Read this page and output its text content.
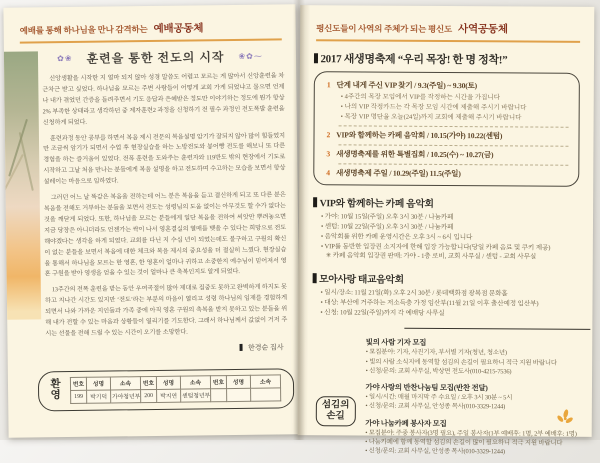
예배를 통해 하나님을 만나 감격하는 예배공동체
✿❀ 훈련을 통한 전도의 시작 ❀✿⁓

신앙생활을 시작한 지 얼마 되지 않아 성경 말씀도 어렵고 모르는 게 많아서 신앙훈련을 차근차근 받고 싶었다. 하나님을 모르는 주변 사람들이 어떻게 교회 가게 되었냐고 물으면 언제나 내가 겪었던 간증을 들려주면서 기도 응답과 은혜받은 정도만 이야기하는 정도에 뭔가 항상 2% 부족한 상태라고 생각하던 중 제자훈련2 과정을 신청하기 전 필수 과정인 전도폭발 훈련을 신청하게 되었다.

훈련과정 동안 공부를 하면서 복음 제시 전문의 복음설명 암기가 잘되지 않아 많이 힘들었지만 조금씩 암기가 되면서 수업 후 현장실습을 하는 노방전도와 붕어빵 전도를 해보니 또 다른 경험을 하는 즐거움이 있었다. 전폭 훈련을 도와주는 훈련자와 119반도 밖의 현장에서 기도로 시작하고 그날 처음 만나는 분들에게 복음 설명을 하고 전도하며 수고하는 모습을 보면서 항상 설레이는 마음으로 임하였다.

그러던 어느 날 똑같은 복음을 전하는데 어느 분은 복음을 듣고 결신하게 되고 또 다른 분은 복음을 전해도 거부하는 분들을 보면서 전도는 성령님의 도움 없이는 아무것도 할 수가 없다는 것을 깨닫게 되었다. 또한, 하나님을 모르는 분들에게 일단 복음을 전하여 씨앗만 뿌려놓으면 지금 당장은 아니더라도 언젠가는 싹이 나서 영혼결실의 열매를 맺을 수 있다는 희망으로 전도해야겠다는 생각을 하게 되었다. 교회를 다닌 지 수십 년이 되었는데도 불구하고 구원의 확신이 없는 분들을 보면서 복음에 대한 체크와 복음 제시의 중요성을 더 절실히 느꼈다. 현장실습을 통해서 하나님을 모르는 한 영혼, 한 영혼이 얼마나 귀하고 소중한지 예수님이 믿어져서 영혼 구원을 받아 영생을 얻을 수 있는 것이 얼마나 큰 축복인지도 알게 되었다.

13주간의 전폭 훈련을 받는 동안 우여곡절이 많아 제대로 집중도 못하고 완벽하게 하지도 못하고 지나간 시간도 있지만 ‘전도’라는 부분의 마음이 열리고 성령 하나님의 임재를 경험하게 되면서 나와 가까운 지인들과 가족 중에 아직 영혼 구원의 축복을 받지 못하고 있는 분들을 위해 내가 전할 수 있는 마음과 상황들이 열리기를 기도한다. 그래서 하나님께서 값없이 거저 주시는 선물을 전해 드릴 수 있는 시간이 오기를 소망한다.

한경순 집사
환
영
번호	성명	소속	번호	성명	소속	번호	성명	소속
199	박기덕	가야청년부	200	박지연	센텀청년부			
평신도들이 사역의 주체가 되는 평신도 사역공동체
2017 새생명축제 “우리 목장! 한 명 정착!”
1 단계 내게 주신 VIP 찾기 / 9.3(주일) ~ 9.30(토)
• 4주간의 목장 모임에서 VIP를 작정하는 시간을 가집니다
• 나의 VIP 작정카드는 각 목장 모임 시간에 제출해 주시기 바랍니다
• 목장 VIP 명단을 오늘(24일)까지 교회에 제출해 주시기 바랍니다
2 VIP와 함께하는 카페 음악회 / 10.15(가야) 10.22(센텀)
3 새생명축제를 위한 특별집회 / 10.25(수) ~ 10.27(금)
4 새생명축제 주일 / 10.29(주일) 11.5(주일)
VIP와 함께하는 카페 음악회
• 가야: 10월 15일(주일) 오후 3시 30분 / 나눔카페
• 센텀: 10월 22일(주일) 오후 3시 30분 / 나눔카페
• 음악회를 위한 카페 운영시간은 오후 3시 ~ 6시 입니다
• VIP를 동반한 입장권 소지자에 한해 입장 가능합니다(당일 카페 음료 및 쿠키 제공)
✳ 카페 음악회 입장권 판매: 가야 - 1층 로비, 교회 사무실 / 센텀 - 교회 사무실
모아사랑 태교음악회
• 일시/장소: 11월 21일(화) 오후 2시 30분 / 롯데백화점 광복점 문화홀
• 대상: 부산에 거주하는 저소득층 가정 임산부(11월 21일 이후 출산예정 임산부)
• 신청: 10월 22일(주일)까지 각 예배당 사무실
섬김의
손길
빛의 사람 기자 모집
• 모집분야: 기자, 사진기자, 부서별 기자(청년, 청소년)
• 빛의 사람 소식지에 동역할 섬김의 손길이 필요하니 적극 지원 바랍니다
• 신청/문의: 교회 사무실, 박상면 전도사(010-4215-7536)
가야 사랑의 반찬나눔팀 모집(반찬 전달)
• 일시/시간: 매월 마지막 주 수요일 / 오후 3시 30분 ~ 5시
• 신청/문의: 교회 사무실, 안성종 목사(010-3329-1244)
가야 나눔카페 봉사자 모집
• 모집분야: 주중 봉사자(3명 필요), 주일 봉사자(1부 예배후: 1명, 2부 예배후: 1명)
• 나눔카페에 함께 동역할 섬김의 손길이 많이 필요하니 적극 지원 바랍니다
• 신청/문의: 교회 사무실, 안성종 목사(010-3329-1244)
